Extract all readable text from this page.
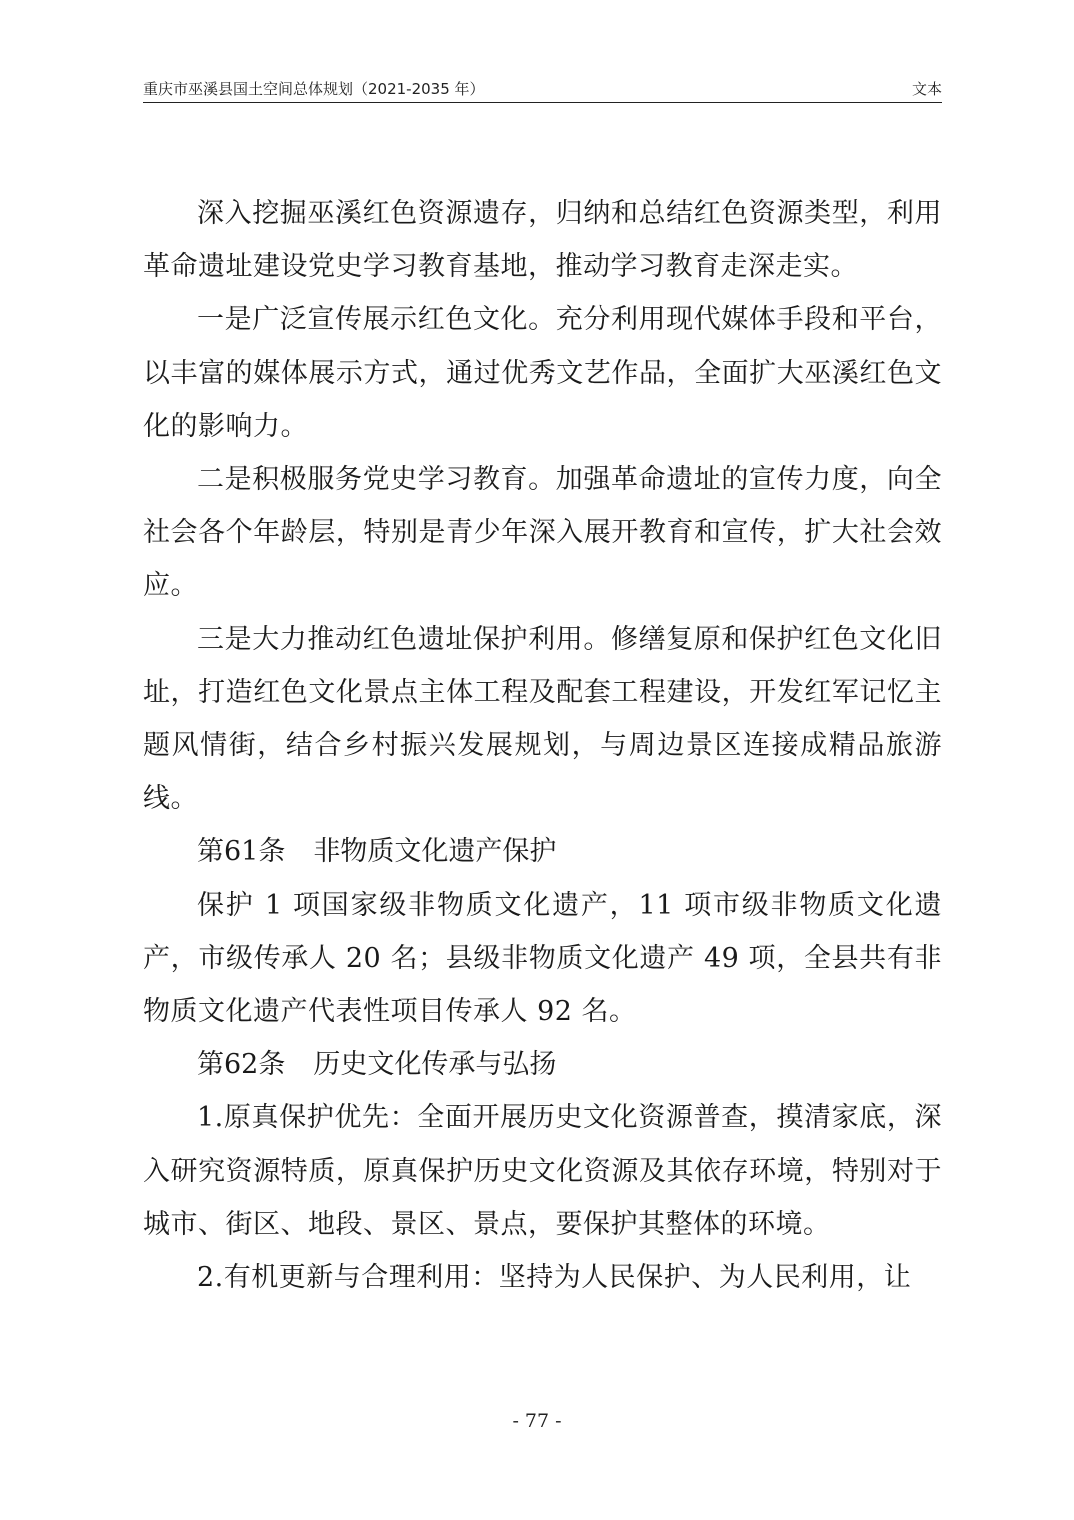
重庆市巫溪县国土空间总体规划（2021-2035 年）	文本

深入挖掘巫溪红色资源遗存，归纳和总结红色资源类型，利用革命遗址建设党史学习教育基地，推动学习教育走深走实。

一是广泛宣传展示红色文化。充分利用现代媒体手段和平台，以丰富的媒体展示方式，通过优秀文艺作品，全面扩大巫溪红色文化的影响力。

二是积极服务党史学习教育。加强革命遗址的宣传力度，向全社会各个年龄层，特别是青少年深入展开教育和宣传，扩大社会效应。

三是大力推动红色遗址保护利用。修缮复原和保护红色文化旧址，打造红色文化景点主体工程及配套工程建设，开发红军记忆主题风情街，结合乡村振兴发展规划，与周边景区连接成精品旅游线。

第61条 非物质文化遗产保护

保护 1 项国家级非物质文化遗产，11 项市级非物质文化遗产，市级传承人 20 名；县级非物质文化遗产 49 项，全县共有非物质文化遗产代表性项目传承人 92 名。

第62条 历史文化传承与弘扬

1.原真保护优先：全面开展历史文化资源普查，摸清家底，深入研究资源特质，原真保护历史文化资源及其依存环境，特别对于城市、街区、地段、景区、景点，要保护其整体的环境。

2.有机更新与合理利用：坚持为人民保护、为人民利用，让

- 77 -
